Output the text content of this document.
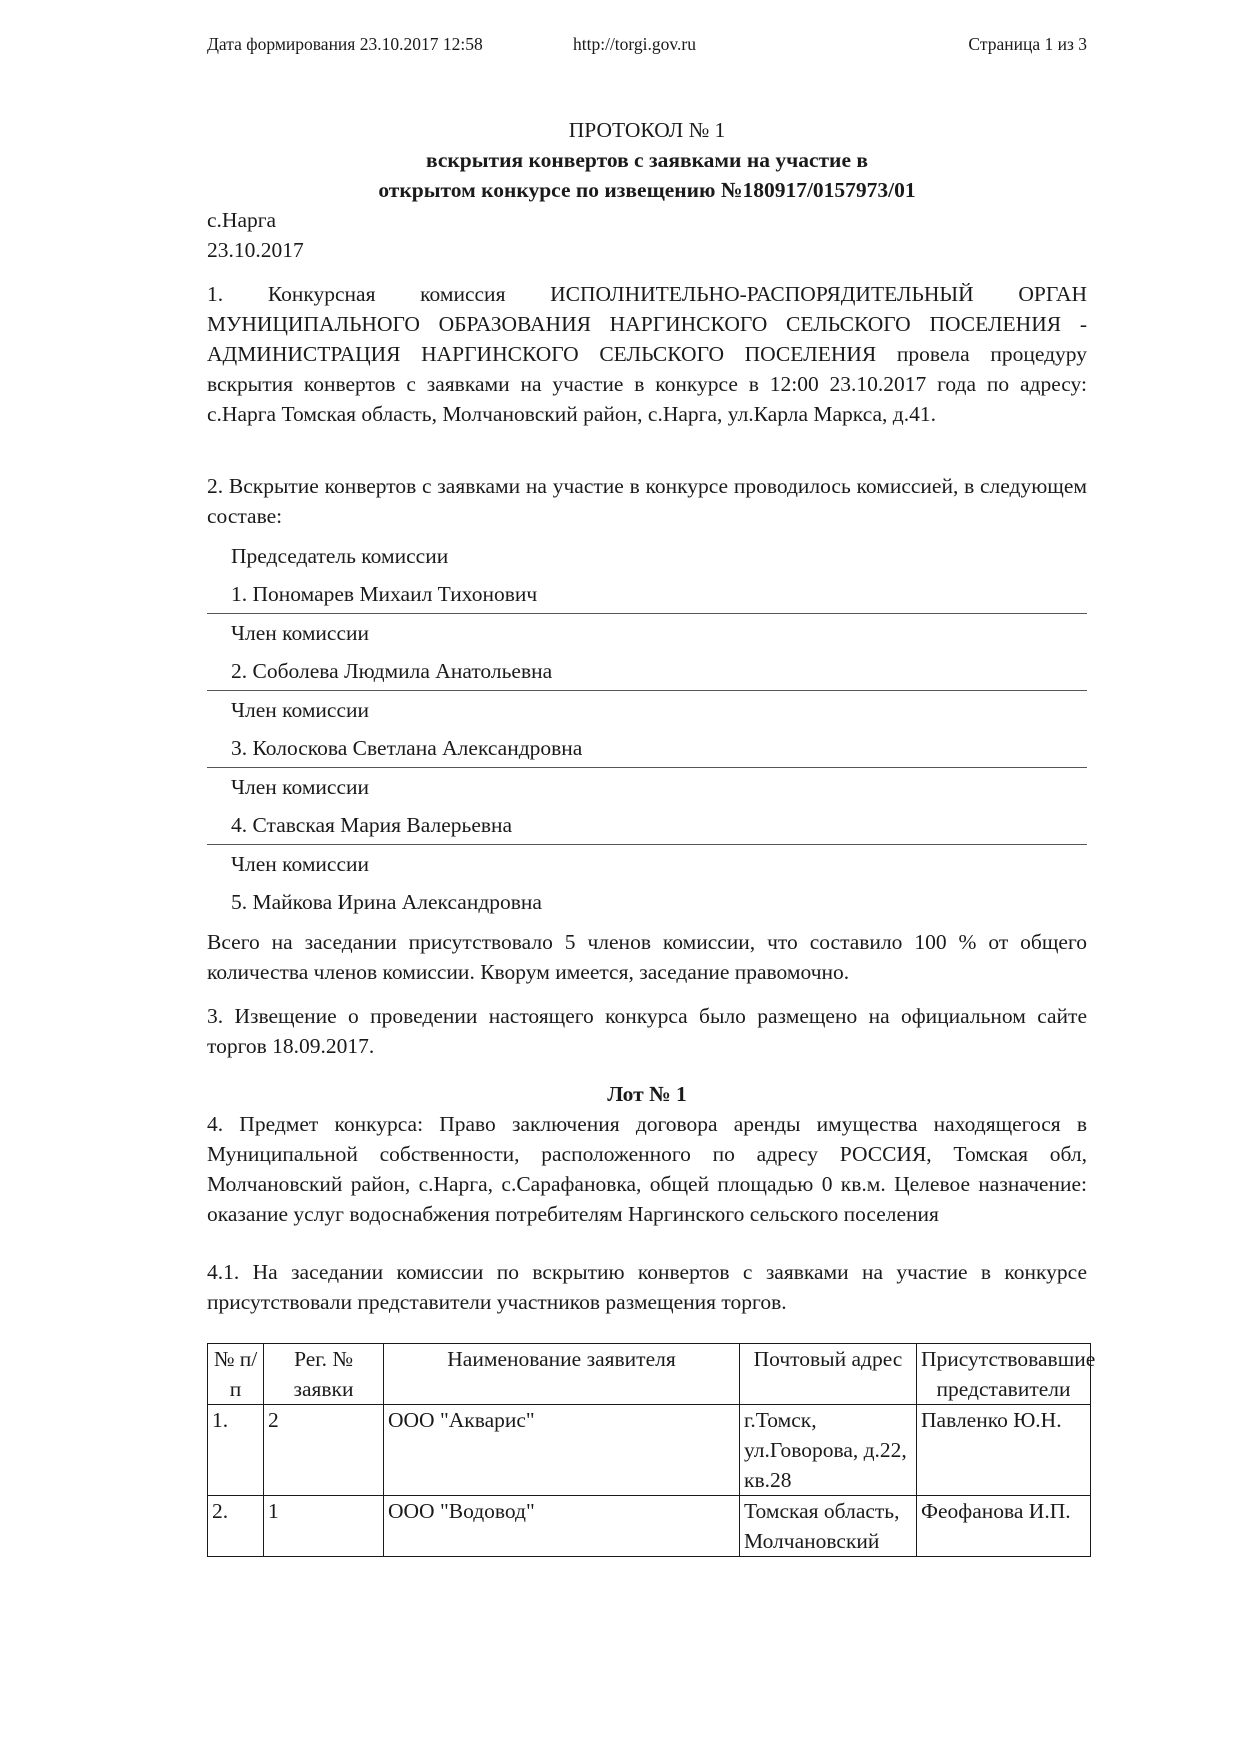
Дата формирования 23.10.2017 12:58	http://torgi.gov.ru	Страница 1 из 3
ПРОТОКОЛ № 1
вскрытия конвертов с заявками на участие в
открытом конкурсе по извещению №180917/0157973/01
с.Нарга
23.10.2017

1. Конкурсная комиссия ИСПОЛНИТЕЛЬНО-РАСПОРЯДИТЕЛЬНЫЙ ОРГАН МУНИЦИПАЛЬНОГО ОБРАЗОВАНИЯ НАРГИНСКОГО СЕЛЬСКОГО ПОСЕЛЕНИЯ - АДМИНИСТРАЦИЯ НАРГИНСКОГО СЕЛЬСКОГО ПОСЕЛЕНИЯ провела процедуру вскрытия конвертов с заявками на участие в конкурсе в 12:00 23.10.2017 года по адресу: с.Нарга Томская область, Молчановский район, с.Нарга, ул.Карла Маркса, д.41.

2. Вскрытие конвертов с заявками на участие в конкурсе проводилось комиссией, в следующем составе:

Председатель комиссии
1. Пономарев Михаил Тихонович
Член комиссии
2. Соболева Людмила Анатольевна
Член комиссии
3. Колоскова Светлана Александровна
Член комиссии
4. Ставская Мария Валерьевна
Член комиссии
5. Майкова Ирина Александровна

Всего на заседании присутствовало 5 членов комиссии, что составило 100 % от общего количества членов комиссии. Кворум имеется, заседание правомочно.

3. Извещение о проведении настоящего конкурса было размещено на официальном сайте торгов 18.09.2017.

Лот № 1

4. Предмет конкурса: Право заключения договора аренды имущества находящегося в Муниципальной собственности, расположенного по адресу РОССИЯ, Томская обл, Молчановский район, с.Нарга, с.Сарафановка, общей площадью 0 кв.м. Целевое назначение: оказание услуг водоснабжения потребителям Наргинского сельского поселения

4.1. На заседании комиссии по вскрытию конвертов с заявками на участие в конкурсе присутствовали представители участников размещения торгов.

№ п/п	Рег. № заявки	Наименование заявителя	Почтовый адрес	Присутствовавшие представители
1.	2	ООО "Акварис"	г.Томск, ул.Говорова, д.22, кв.28	Павленко Ю.Н.
2.	1	ООО "Водовод"	Томская область, Молчановский	Феофанова И.П.
